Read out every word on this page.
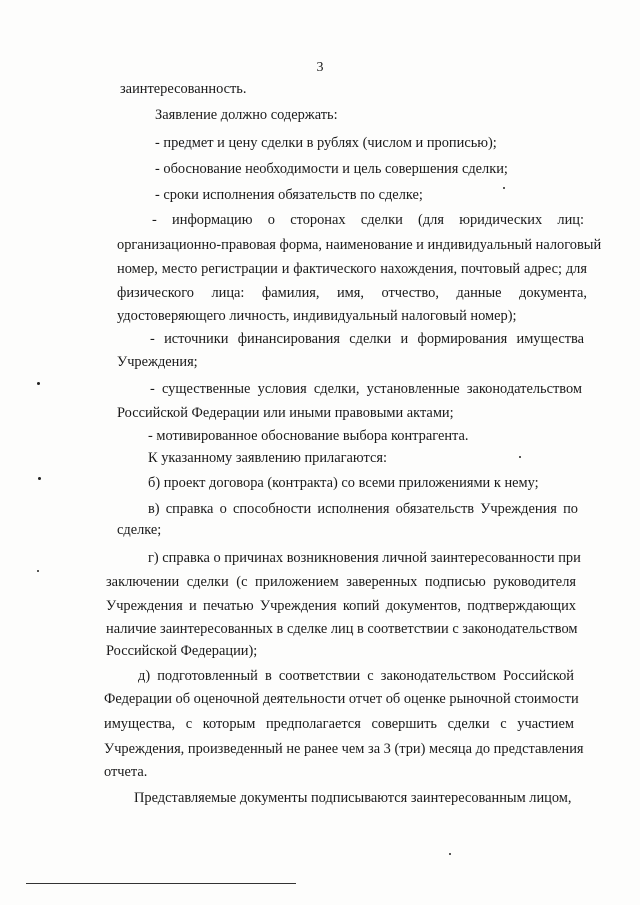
3
заинтересованность.
Заявление должно содержать:
- предмет и цену сделки в рублях (числом и прописью);
- обоснование необходимости и цель совершения сделки;
- сроки исполнения обязательств по сделке;
- информацию о сторонах сделки (для юридических лиц:
организационно-правовая форма, наименование и индивидуальный налоговый
номер, место регистрации и фактического нахождения, почтовый адрес; для
физического лица: фамилия, имя, отчество, данные документа,
удостоверяющего личность, индивидуальный налоговый номер);
- источники финансирования сделки и формирования имущества
Учреждения;
- существенные условия сделки, установленные законодательством
Российской Федерации или иными правовыми актами;
- мотивированное обоснование выбора контрагента.
К указанному заявлению прилагаются:
б) проект договора (контракта) со всеми приложениями к нему;
в) справка о способности исполнения обязательств Учреждения по
сделке;
г) справка о причинах возникновения личной заинтересованности при
заключении сделки (с приложением заверенных подписью руководителя
Учреждения и печатью Учреждения копий документов, подтверждающих
наличие заинтересованных в сделке лиц в соответствии с законодательством
Российской Федерации);
д) подготовленный в соответствии с законодательством Российской
Федерации об оценочной деятельности отчет об оценке рыночной стоимости
имущества, с которым предполагается совершить сделки с участием
Учреждения, произведенный не ранее чем за 3 (три) месяца до представления
отчета.
Представляемые документы подписываются заинтересованным лицом,
